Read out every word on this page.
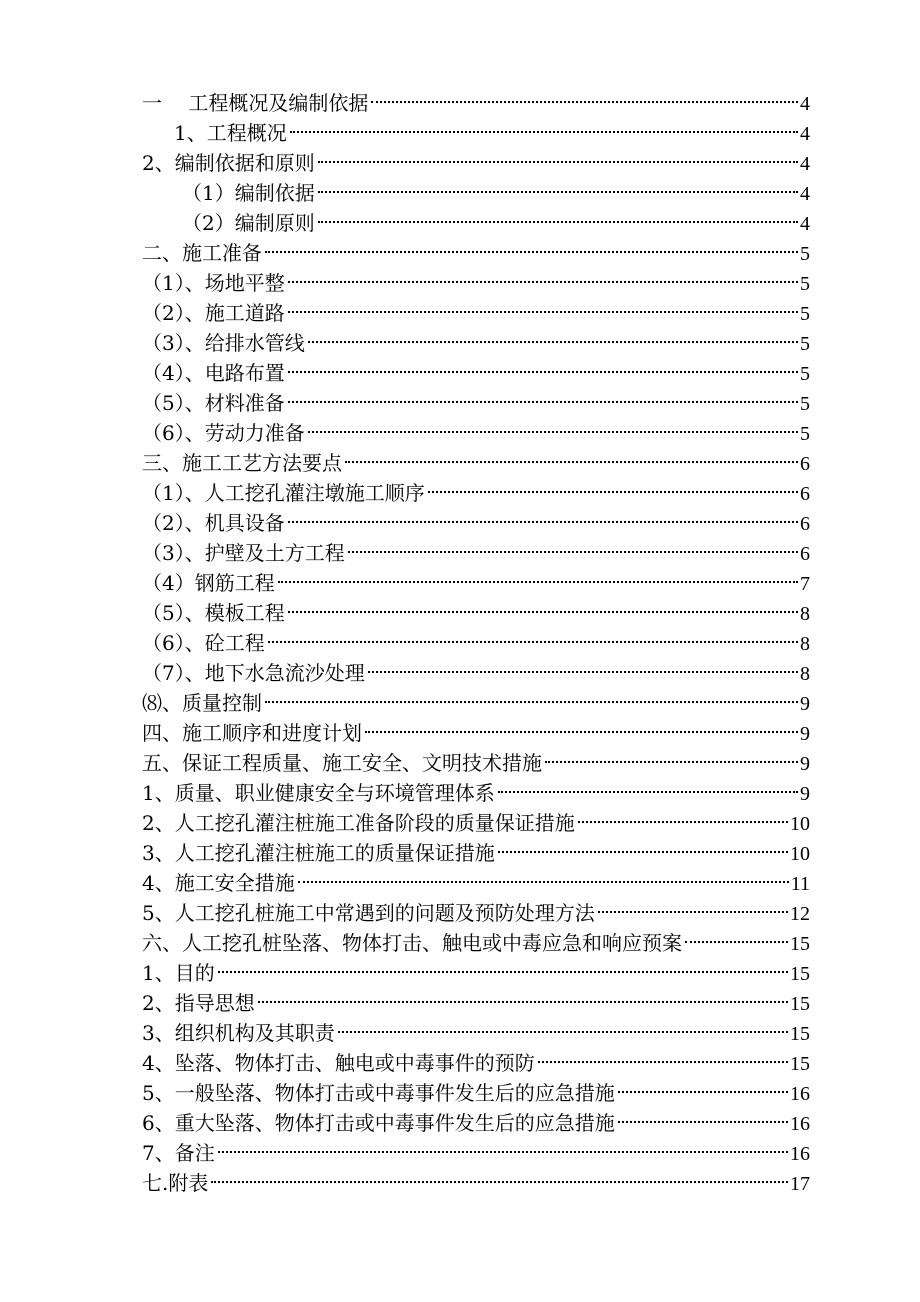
一　 工程概况及编制依据	4
1、工程概况	4
2、编制依据和原则	4
（1）编制依据	4
（2）编制原则	4
二、施工准备	5
（1）、场地平整	5
（2）、施工道路	5
（3）、给排水管线	5
（4）、电路布置	5
（5）、材料准备	5
（6）、劳动力准备	5
三、施工工艺方法要点	6
（1）、人工挖孔灌注墩施工顺序	6
（2）、机具设备	6
（3）、护壁及土方工程	6
（4）钢筋工程	7
（5）、模板工程	8
（6）、砼工程	8
（7）、地下水急流沙处理	8
⑻、质量控制	9
四、施工顺序和进度计划	9
五、保证工程质量、施工安全、文明技术措施	9
1、质量、职业健康安全与环境管理体系	9
2、人工挖孔灌注桩施工准备阶段的质量保证措施	10
3、人工挖孔灌注桩施工的质量保证措施	10
4、施工安全措施	11
5、人工挖孔桩施工中常遇到的问题及预防处理方法	12
六、人工挖孔桩坠落、物体打击、触电或中毒应急和响应预案	15
1、目的	15
2、指导思想	15
3、组织机构及其职责	15
4、坠落、物体打击、触电或中毒事件的预防	15
5、一般坠落、物体打击或中毒事件发生后的应急措施	16
6、重大坠落、物体打击或中毒事件发生后的应急措施	16
7、备注	16
七.附表	17
